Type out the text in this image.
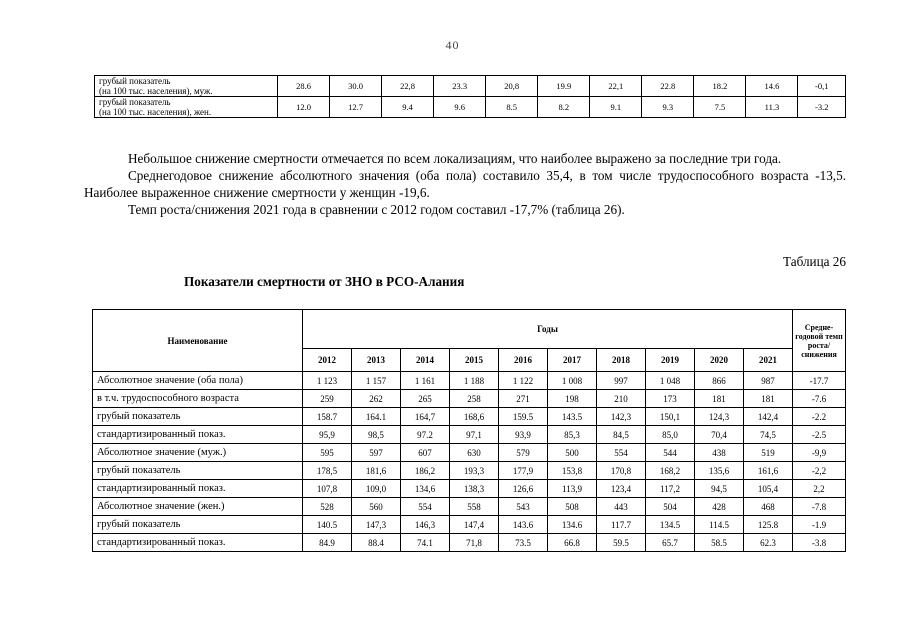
40
грубый показатель
(на 100 тыс. населения), муж.	28.6	30.0	22,8	23.3	20,8	19.9	22,1	22.8	18.2	14.6	-0,1

грубый показатель
(на 100 тыс. населения), жен.	12.0	12.7	9.4	9.6	8.5	8.2	9.1	9.3	7.5	11.3	-3.2

Небольшое снижение смертности отмечается по всем локализациям, что наиболее выражено за последние три года.

Среднегодовое снижение абсолютного значения (оба пола) составило 35,4, в том числе трудоспособного возраста -13,5. Наиболее выраженное снижение смертности у женщин -19,6.

Темп роста/снижения 2021 года в сравнении с 2012 годом составил -17,7% (таблица 26).

Таблица 26
Показатели смертности от ЗНО в РСО-Алания
Наименование	Годы										Средне-годовой темп роста/ снижения
	2012	2013	2014	2015	2016	2017	2018	2019	2020	2021	
Абсолютное значение (оба пола)	1 123	1 157	1 161	1 188	1 122	1 008	997	1 048	866	987	-17.7
в т.ч. трудоспособного возраста	259	262	265	258	271	198	210	173	181	181	-7.6
грубый показатель	158.7	164.1	164,7	168,6	159.5	143.5	142,3	150,1	124,3	142,4	-2.2
стандартизированный показ.	95,9	98,5	97.2	97,1	93,9	85,3	84,5	85,0	70,4	74,5	-2.5
Абсолютное значение (муж.)	595	597	607	630	579	500	554	544	438	519	-9,9
грубый показатель	178,5	181,6	186,2	193,3	177,9	153,8	170,8	168,2	135,6	161,6	-2,2
стандартизированный показ.	107,8	109,0	134,6	138,3	126,6	113,9	123,4	117,2	94,5	105,4	2,2
Абсолютное значение (жен.)	528	560	554	558	543	508	443	504	428	468	-7.8
грубый показатель	140.5	147,3	146,3	147,4	143.6	134.6	117.7	134.5	114.5	125.8	-1.9
стандартизированный показ.	84.9	88.4	74.1	71,8	73.5	66.8	59.5	65.7	58.5	62.3	-3.8
